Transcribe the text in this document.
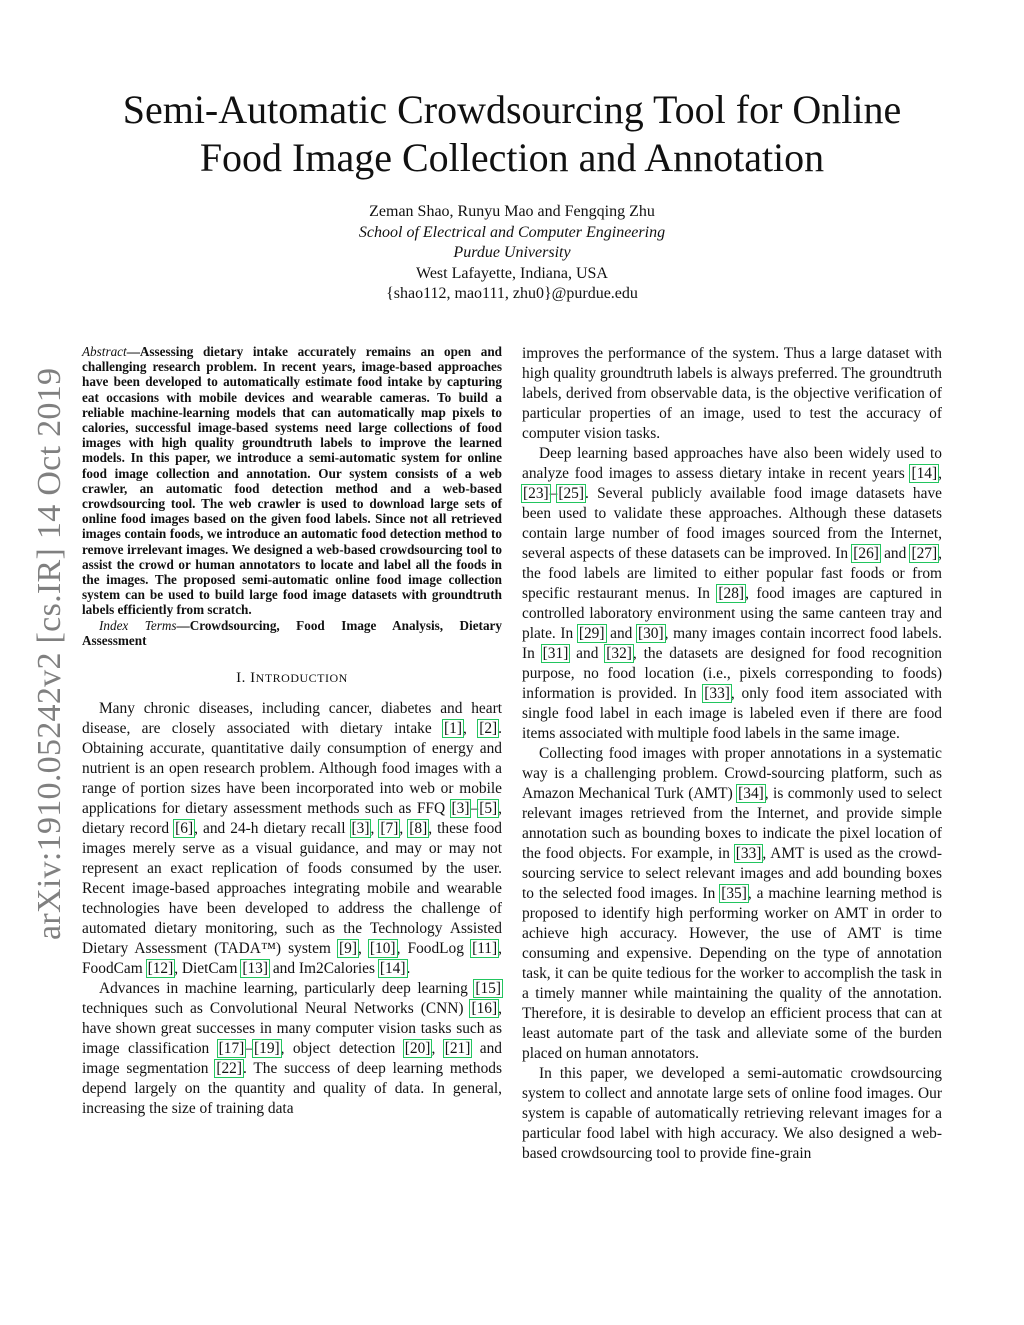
arXiv:1910.05242v2 [cs.IR] 14 Oct 2019
Semi-Automatic Crowdsourcing Tool for Online
Food Image Collection and Annotation
Zeman Shao, Runyu Mao and Fengqing Zhu
School of Electrical and Computer Engineering
Purdue University
West Lafayette, Indiana, USA
{shao112, mao111, zhu0}@purdue.edu

Abstract—Assessing dietary intake accurately remains an open and challenging research problem. In recent years, image-based approaches have been developed to automatically estimate food intake by capturing eat occasions with mobile devices and wearable cameras. To build a reliable machine-learning models that can automatically map pixels to calories, successful image-based systems need large collections of food images with high quality groundtruth labels to improve the learned models. In this paper, we introduce a semi-automatic system for online food image collection and annotation. Our system consists of a web crawler, an automatic food detection method and a web-based crowdsourcing tool. The web crawler is used to download large sets of online food images based on the given food labels. Since not all retrieved images contain foods, we introduce an automatic food detection method to remove irrelevant images. We designed a web-based crowdsourcing tool to assist the crowd or human annotators to locate and label all the foods in the images. The proposed semi-automatic online food image collection system can be used to build large food image datasets with groundtruth labels efficiently from scratch.

Index Terms—Crowdsourcing, Food Image Analysis, Dietary Assessment

I. INTRODUCTION

Many chronic diseases, including cancer, diabetes and heart disease, are closely associated with dietary intake [1], [2]. Obtaining accurate, quantitative daily consumption of energy and nutrient is an open research problem. Although food images with a range of portion sizes have been incorporated into web or mobile applications for dietary assessment methods such as FFQ [3]–[5], dietary record [6], and 24-h dietary recall [3], [7], [8], these food images merely serve as a visual guidance, and may or may not represent an exact replication of foods consumed by the user. Recent image-based approaches integrating mobile and wearable technologies have been developed to address the challenge of automated dietary monitoring, such as the Technology Assisted Dietary Assessment (TADA™) system [9], [10], FoodLog [11], FoodCam [12], DietCam [13] and Im2Calories [14].

Advances in machine learning, particularly deep learning [15] techniques such as Convolutional Neural Networks (CNN) [16], have shown great successes in many computer vision tasks such as image classification [17]–[19], object detection [20], [21] and image segmentation [22]. The success of deep learning methods depend largely on the quantity and quality of data. In general, increasing the size of training data

improves the performance of the system. Thus a large dataset with high quality groundtruth labels is always preferred. The groundtruth labels, derived from observable data, is the objective verification of particular properties of an image, used to test the accuracy of computer vision tasks.

Deep learning based approaches have also been widely used to analyze food images to assess dietary intake in recent years [14], [23]–[25]. Several publicly available food image datasets have been used to validate these approaches. Although these datasets contain large number of food images sourced from the Internet, several aspects of these datasets can be improved. In [26] and [27], the food labels are limited to either popular fast foods or from specific restaurant menus. In [28], food images are captured in controlled laboratory environment using the same canteen tray and plate. In [29] and [30], many images contain incorrect food labels. In [31] and [32], the datasets are designed for food recognition purpose, no food location (i.e., pixels corresponding to foods) information is provided. In [33], only food item associated with single food label in each image is labeled even if there are food items associated with multiple food labels in the same image.

Collecting food images with proper annotations in a systematic way is a challenging problem. Crowd-sourcing platform, such as Amazon Mechanical Turk (AMT) [34], is commonly used to select relevant images retrieved from the Internet, and provide simple annotation such as bounding boxes to indicate the pixel location of the food objects. For example, in [33], AMT is used as the crowd-sourcing service to select relevant images and add bounding boxes to the selected food images. In [35], a machine learning method is proposed to identify high performing worker on AMT in order to achieve high accuracy. However, the use of AMT is time consuming and expensive. Depending on the type of annotation task, it can be quite tedious for the worker to accomplish the task in a timely manner while maintaining the quality of the annotation. Therefore, it is desirable to develop an efficient process that can at least automate part of the task and alleviate some of the burden placed on human annotators.

In this paper, we developed a semi-automatic crowdsourcing system to collect and annotate large sets of online food images. Our system is capable of automatically retrieving relevant images for a particular food label with high accuracy. We also designed a web-based crowdsourcing tool to provide fine-grain
